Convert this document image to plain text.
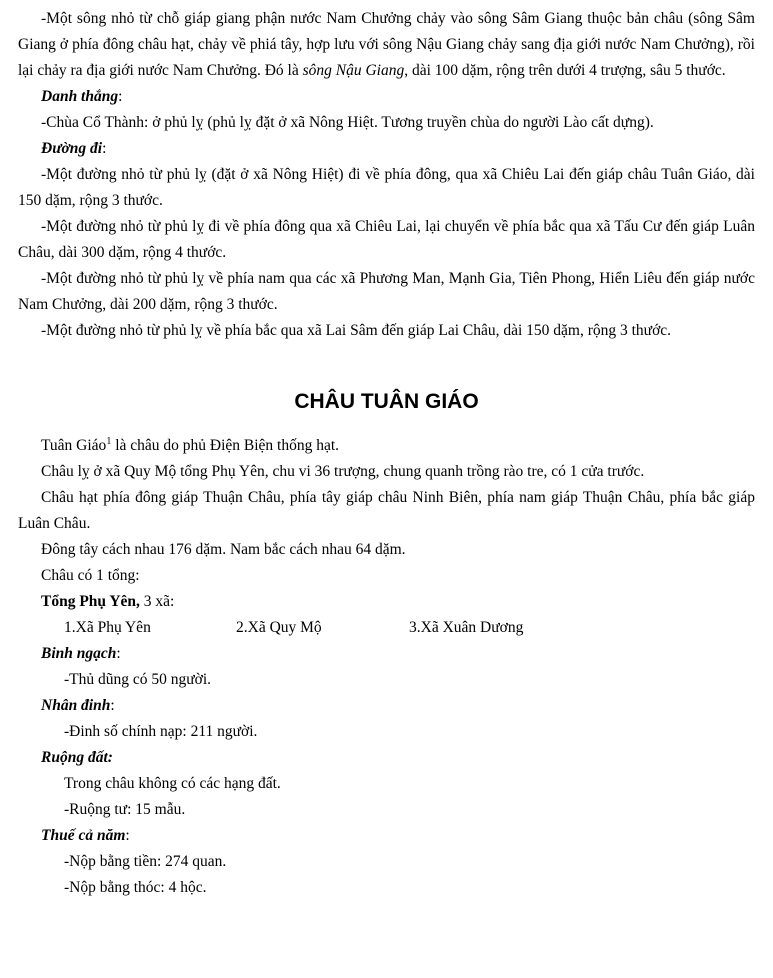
-Một sông nhỏ từ chỗ giáp giang phận nước Nam Chưởng chảy vào sông Sâm Giang thuộc bản châu (sông Sâm Giang ở phía đông châu hạt, chảy về phiá tây, hợp lưu với sông Nậu Giang chảy sang địa giới nước Nam Chưởng), rồi lại chảy ra địa giới nước Nam Chưởng. Đó là sông Nậu Giang, dài 100 dặm, rộng trên dưới 4 trượng, sâu 5 thước.

Danh thắng:

-Chùa Cổ Thành: ở phủ lỵ (phủ lỵ đặt ở xã Nông Hiệt. Tương truyền chùa do người Lào cất dựng).

Đường đi:

-Một đường nhỏ từ phủ lỵ (đặt ở xã Nông Hiệt) đi về phía đông, qua xã Chiêu Lai đến giáp châu Tuân Giáo, dài 150 dặm, rộng 3 thước.

-Một đường nhỏ từ phủ lỵ đi về phía đông qua xã Chiêu Lai, lại chuyển về phía bắc qua xã Tấu Cư đến giáp Luân Châu, dài 300 dặm, rộng 4 thước.

-Một đường nhỏ từ phủ lỵ về phía nam qua các xã Phương Man, Mạnh Gia, Tiên Phong, Hiển Liêu đến giáp nước Nam Chưởng, dài 200 dặm, rộng 3 thước.

-Một đường nhỏ từ phủ lỵ về phía bắc qua xã Lai Sâm đến giáp Lai Châu, dài 150 dặm, rộng 3 thước.

CHÂU TUÂN GIÁO

Tuân Giáo$^1$ là châu do phủ Điện Biện thống hạt.

Châu lỵ ở xã Quy Mộ tổng Phụ Yên, chu vi 36 trượng, chung quanh trồng rào tre, có 1 cửa trước.

Châu hạt phía đông giáp Thuận Châu, phía tây giáp châu Ninh Biên, phía nam giáp Thuận Châu, phía bắc giáp Luân Châu.

Đông tây cách nhau 176 dặm. Nam bắc cách nhau 64 dặm.

Châu có 1 tổng:

Tổng Phụ Yên, 3 xã:

1.Xã Phụ Yên	2.Xã Quy Mộ	3.Xã Xuân Dương

Binh ngạch:

-Thủ dũng có 50 người.

Nhân đinh:

-Đinh số chính nạp: 211 người.

Ruộng đất:

Trong châu không có các hạng đất.

-Ruộng tư: 15 mẫu.

Thuế cả năm:

-Nộp bằng tiền: 274 quan.

-Nộp bằng thóc: 4 hộc.
